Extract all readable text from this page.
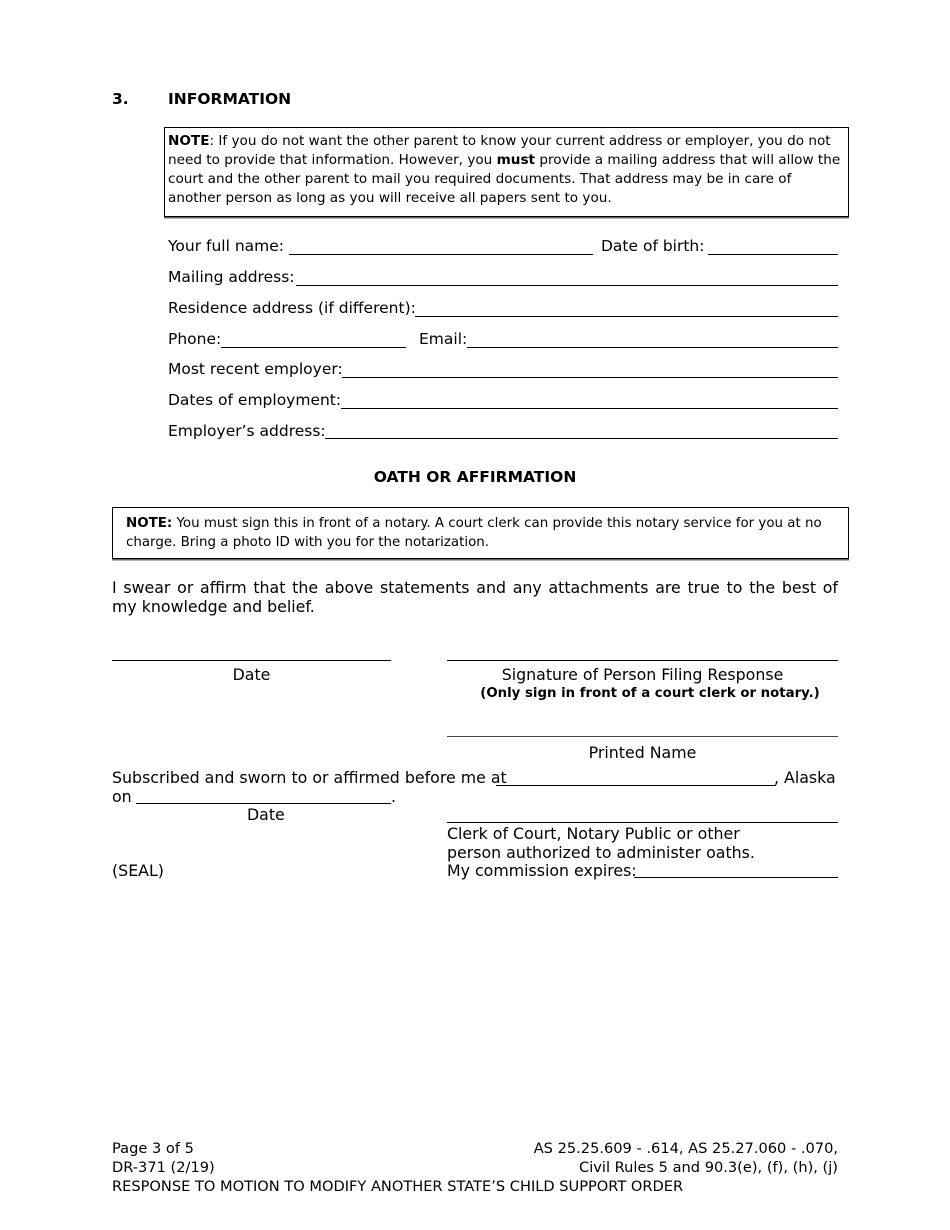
3.	INFORMATION
NOTE: If you do not want the other parent to know your current address or employer, you do not need to provide that information. However, you must provide a mailing address that will allow the court and the other parent to mail you required documents. That address may be in care of another person as long as you will receive all papers sent to you.
Your full name:	Date of birth:
Mailing address:
Residence address (if different):
Phone:	Email:
Most recent employer:
Dates of employment:
Employer’s address:
OATH OR AFFIRMATION
NOTE: You must sign this in front of a notary. A court clerk can provide this notary service for you at no charge. Bring a photo ID with you for the notarization.
I swear or affirm that the above statements and any attachments are true to the best of my knowledge and belief.
Date	Signature of Person Filing Response
(Only sign in front of a court clerk or notary.)
Printed Name
Subscribed and sworn to or affirmed before me at	, Alaska
on	.
Date
Clerk of Court, Notary Public or other
person authorized to administer oaths.
My commission expires:
(SEAL)
Page 3 of 5
DR-371 (2/19)
RESPONSE TO MOTION TO MODIFY ANOTHER STATE’S CHILD SUPPORT ORDER
AS 25.25.609 - .614, AS 25.27.060 - .070,
Civil Rules 5 and 90.3(e), (f), (h), (j)
